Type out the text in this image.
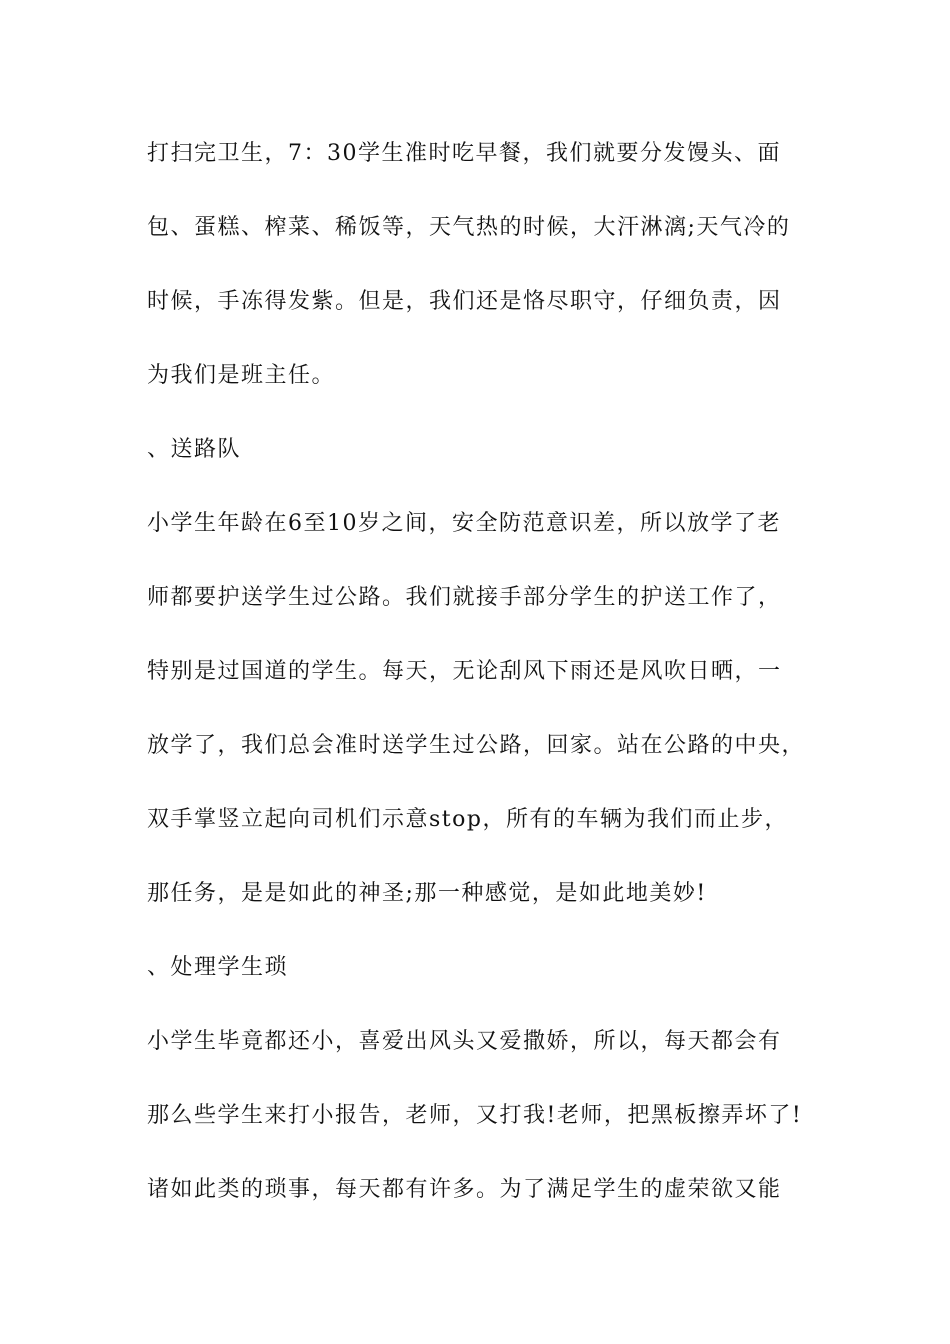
打扫完卫生，7：30学生准时吃早餐，我们就要分发馒头、面
包、蛋糕、榨菜、稀饭等，天气热的时候，大汗淋漓;天气冷的
时候，手冻得发紫。但是，我们还是恪尽职守，仔细负责，因
为我们是班主任。
、送路队
小学生年龄在6至10岁之间，安全防范意识差，所以放学了老
师都要护送学生过公路。我们就接手部分学生的护送工作了，
特别是过国道的学生。每天，无论刮风下雨还是风吹日晒，一
放学了，我们总会准时送学生过公路，回家。站在公路的中央，
双手掌竖立起向司机们示意stop，所有的车辆为我们而止步，
那任务，是是如此的神圣;那一种感觉，是如此地美妙!
、处理学生琐
小学生毕竟都还小，喜爱出风头又爱撒娇，所以，每天都会有
那么些学生来打小报告，老师，又打我!老师，把黑板擦弄坏了!
诸如此类的琐事，每天都有许多。为了满足学生的虚荣欲又能
